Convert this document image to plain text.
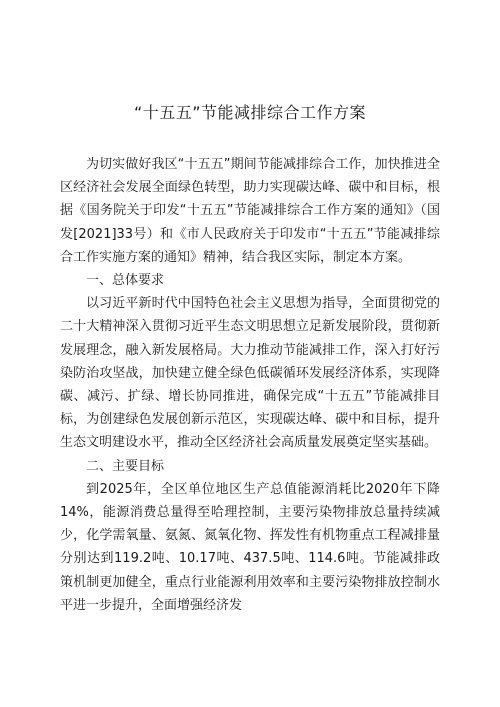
“十五五”节能减排综合工作方案

为切实做好我区“十五五”期间节能减排综合工作，加快推进全区经济社会发展全面绿色转型，助力实现碳达峰、碳中和目标，根据《国务院关于印发“十五五”节能减排综合工作方案的通知》（国发[2021]33号）和《市人民政府关于印发市“十五五”节能减排综合工作实施方案的通知》精神，结合我区实际，制定本方案。

一、总体要求

以习近平新时代中国特色社会主义思想为指导，全面贯彻党的二十大精神深入贯彻习近平生态文明思想立足新发展阶段，贯彻新发展理念，融入新发展格局。大力推动节能减排工作，深入打好污染防治攻坚战，加快建立健全绿色低碳循环发展经济体系，实现降碳、减污、扩绿、增长协同推进，确保完成“十五五”节能减排目标，为创建绿色发展创新示范区，实现碳达峰、碳中和目标，提升生态文明建设水平，推动全区经济社会高质量发展奠定坚实基础。

二、主要目标

到2025年，全区单位地区生产总值能源消耗比2020年下降14%，能源消费总量得至哈理控制，主要污染物排放总量持续减少，化学需氧量、氨氮、氮氧化物、挥发性有机物重点工程减排量分别达到119.2吨、10.17吨、437.5吨、114.6吨。节能减排政策机制更加健全，重点行业能源利用效率和主要污染物排放控制水平进一步提升，全面增强经济发
